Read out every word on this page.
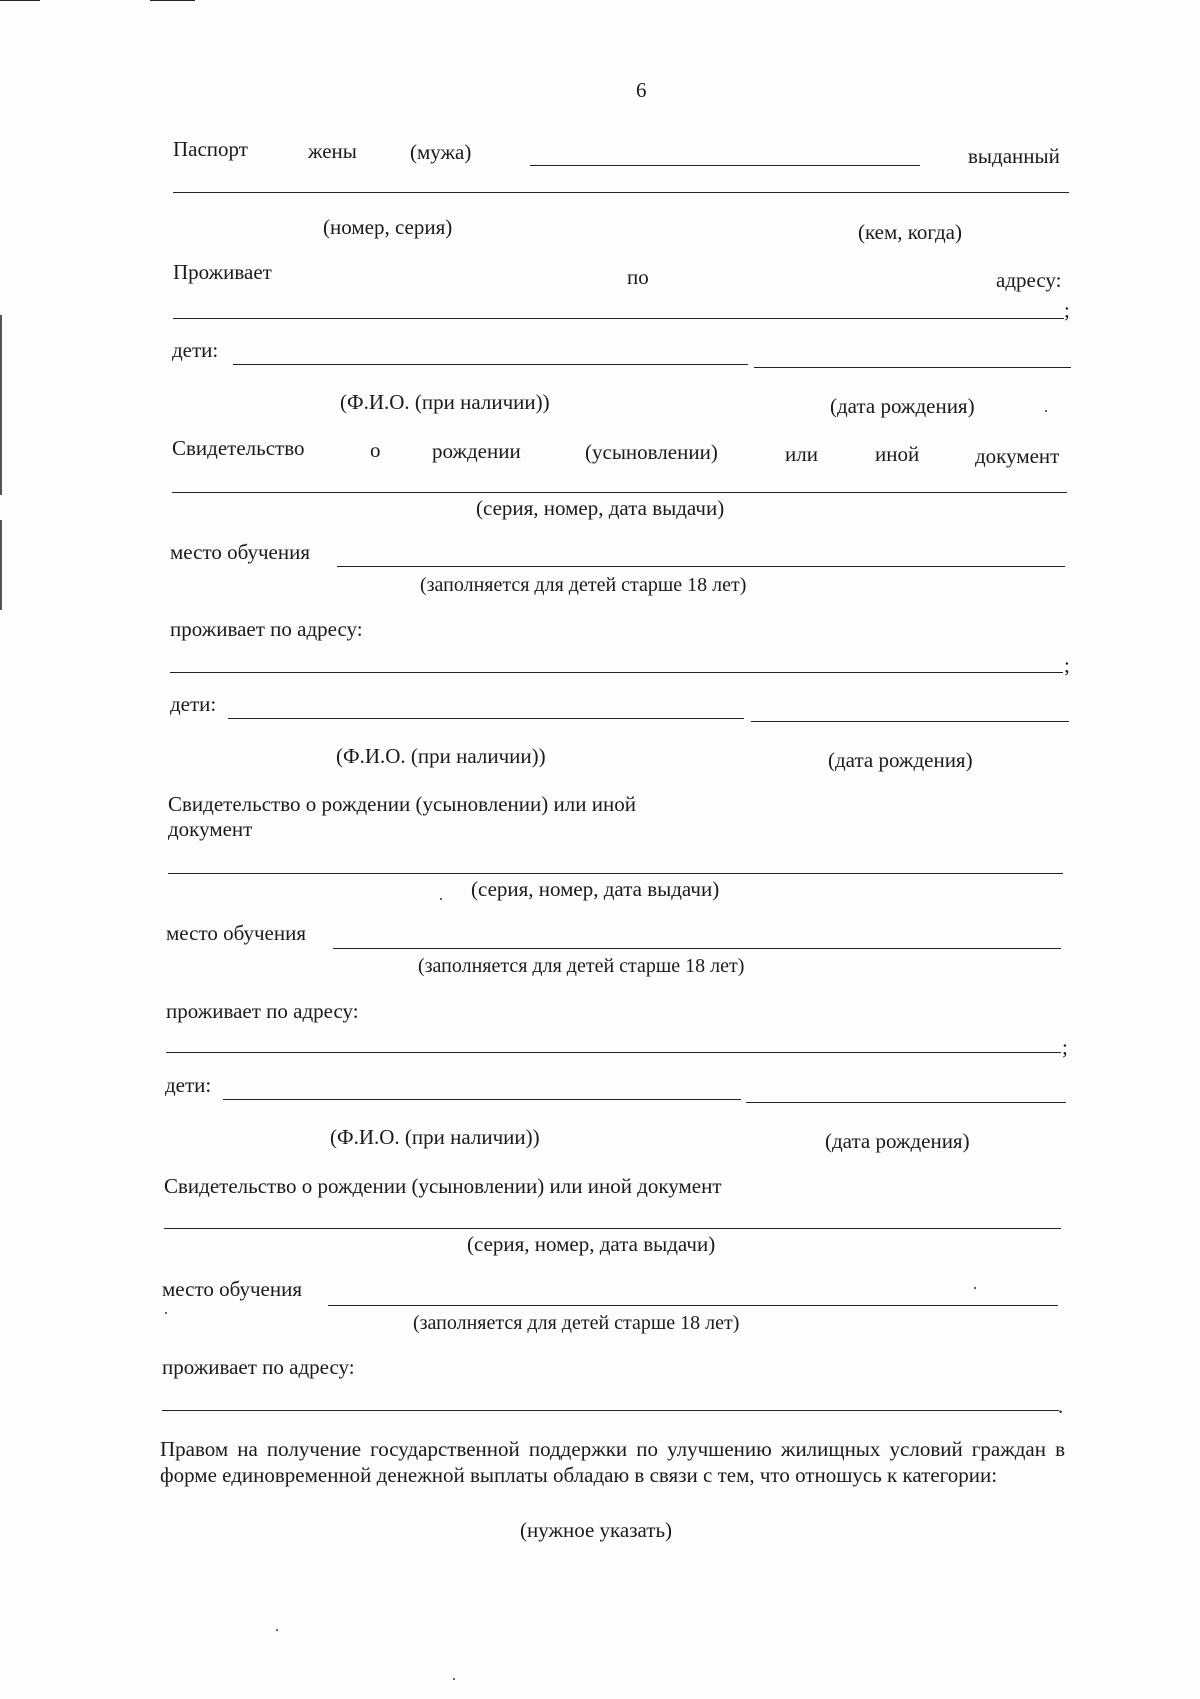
6
Паспорт	жены	(мужа)	выданный
(номер, серия)	(кем, когда)
Проживает	по	адресу:
;
дети:
(Ф.И.О. (при наличии))	(дата рождения)
Свидетельство	о рождении	(усыновлении)	или	иной	документ
(серия, номер, дата выдачи)
место обучения
(заполняется для детей старше 18 лет)
проживает по адресу:
;
дети:
(Ф.И.О. (при наличии))	(дата рождения)
Свидетельство о рождении (усыновлении) или иной
документ
(серия, номер, дата выдачи)
место обучения
(заполняется для детей старше 18 лет)
проживает по адресу:
;
дети:
(Ф.И.О. (при наличии))	(дата рождения)
Свидетельство о рождении (усыновлении) или иной документ
(серия, номер, дата выдачи)
место обучения
(заполняется для детей старше 18 лет)
проживает по адресу:
.
Правом на получение государственной поддержки по улучшению жилищных условий граждан в форме единовременной денежной выплаты обладаю в связи с тем, что отношусь к категории:
(нужное указать)
